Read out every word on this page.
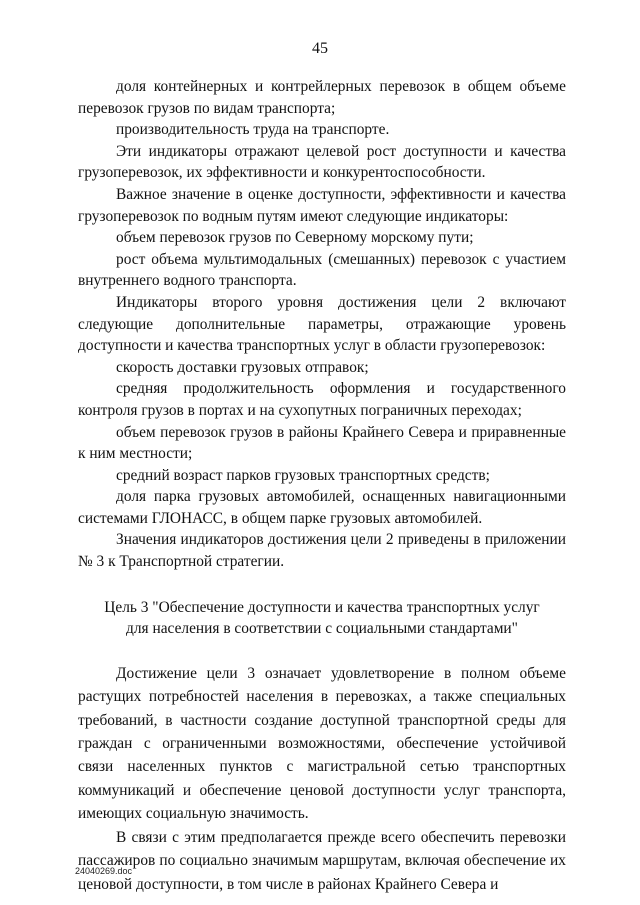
45

доля контейнерных и контрейлерных перевозок в общем объеме перевозок грузов по видам транспорта;

производительность труда на транспорте.

Эти индикаторы отражают целевой рост доступности и качества грузоперевозок, их эффективности и конкурентоспособности.

Важное значение в оценке доступности, эффективности и качества грузоперевозок по водным путям имеют следующие индикаторы:

объем перевозок грузов по Северному морскому пути;

рост объема мультимодальных (смешанных) перевозок с участием внутреннего водного транспорта.

Индикаторы второго уровня достижения цели 2 включают следующие дополнительные параметры, отражающие уровень доступности и качества транспортных услуг в области грузоперевозок:

скорость доставки грузовых отправок;

средняя продолжительность оформления и государственного контроля грузов в портах и на сухопутных пограничных переходах;

объем перевозок грузов в районы Крайнего Севера и приравненные к ним местности;

средний возраст парков грузовых транспортных средств;

доля парка грузовых автомобилей, оснащенных навигационными системами ГЛОНАСС, в общем парке грузовых автомобилей.

Значения индикаторов достижения цели 2 приведены в приложении № 3 к Транспортной стратегии.

Цель 3 "Обеспечение доступности и качества транспортных услуг для населения в соответствии с социальными стандартами"

Достижение цели 3 означает удовлетворение в полном объеме растущих потребностей населения в перевозках, а также специальных требований, в частности создание доступной транспортной среды для граждан с ограниченными возможностями, обеспечение устойчивой связи населенных пунктов с магистральной сетью транспортных коммуникаций и обеспечение ценовой доступности услуг транспорта, имеющих социальную значимость.

В связи с этим предполагается прежде всего обеспечить перевозки пассажиров по социально значимым маршрутам, включая обеспечение их ценовой доступности, в том числе в районах Крайнего Севера и

24040269.doc
